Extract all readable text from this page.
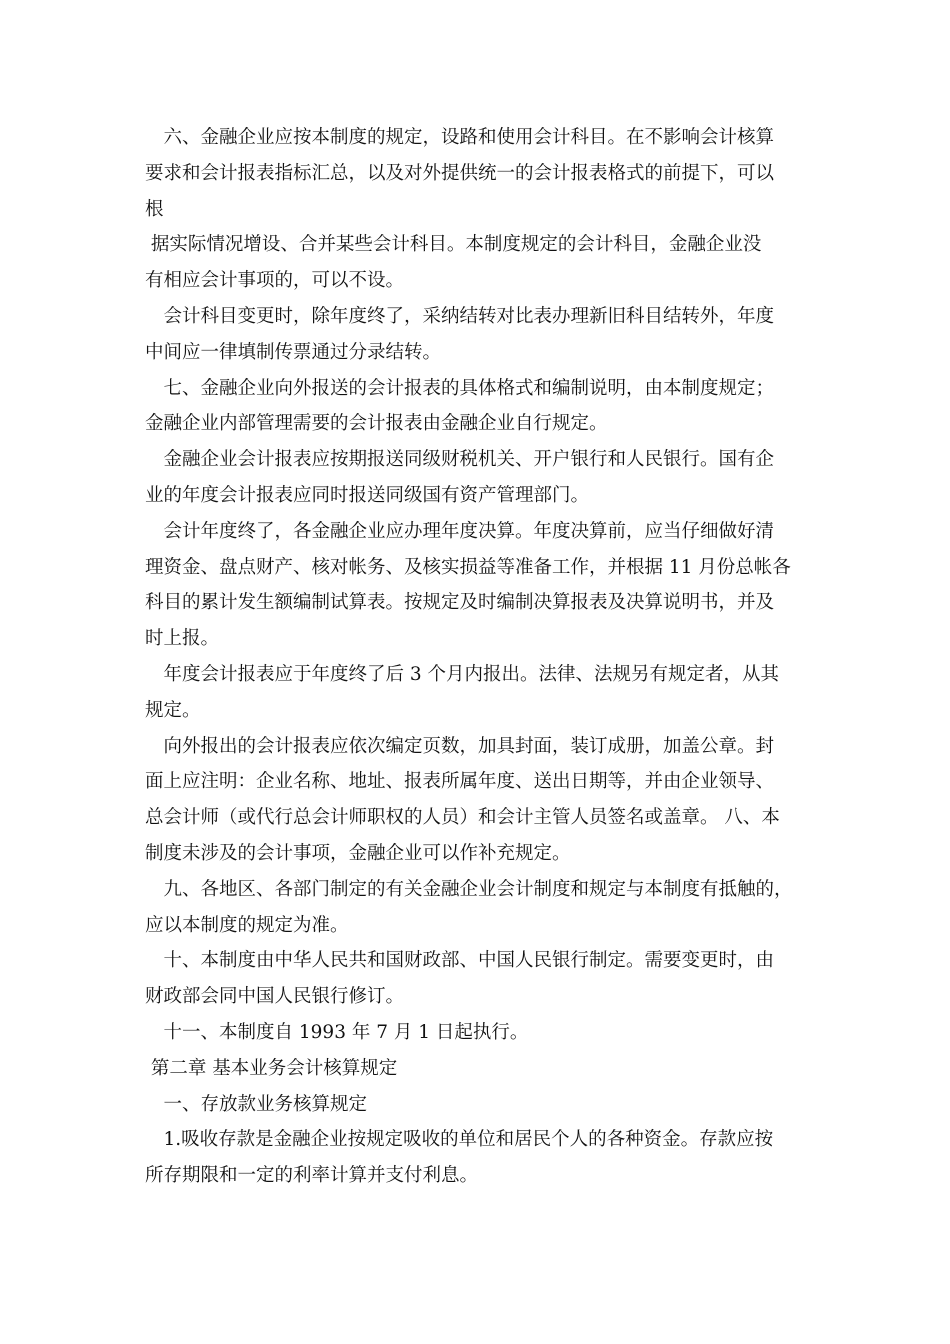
　六、金融企业应按本制度的规定，设路和使用会计科目。在不影响会计核算
要求和会计报表指标汇总，以及对外提供统一的会计报表格式的前提下，可以
根
据实际情况增设、合并某些会计科目。本制度规定的会计科目，金融企业没
有相应会计事项的，可以不设。
　会计科目变更时，除年度终了，采纳结转对比表办理新旧科目结转外，年度
中间应一律填制传票通过分录结转。
　七、金融企业向外报送的会计报表的具体格式和编制说明，由本制度规定；
金融企业内部管理需要的会计报表由金融企业自行规定。
　金融企业会计报表应按期报送同级财税机关、开户银行和人民银行。国有企
业的年度会计报表应同时报送同级国有资产管理部门。
　会计年度终了，各金融企业应办理年度决算。年度决算前，应当仔细做好清
理资金、盘点财产、核对帐务、及核实损益等准备工作，并根据 11 月份总帐各
科目的累计发生额编制试算表。按规定及时编制决算报表及决算说明书，并及
时上报。
　年度会计报表应于年度终了后 3 个月内报出。法律、法规另有规定者，从其
规定。
　向外报出的会计报表应依次编定页数，加具封面，装订成册，加盖公章。封
面上应注明：企业名称、地址、报表所属年度、送出日期等，并由企业领导、
总会计师（或代行总会计师职权的人员）和会计主管人员签名或盖章。 八、本
制度未涉及的会计事项，金融企业可以作补充规定。
　九、各地区、各部门制定的有关金融企业会计制度和规定与本制度有抵触的，
应以本制度的规定为准。
　十、本制度由中华人民共和国财政部、中国人民银行制定。需要变更时，由
财政部会同中国人民银行修订。
　十一、本制度自 1993 年 7 月 1 日起执行。
第二章 基本业务会计核算规定
　一、存放款业务核算规定
　1.吸收存款是金融企业按规定吸收的单位和居民个人的各种资金。存款应按
所存期限和一定的利率计算并支付利息。
